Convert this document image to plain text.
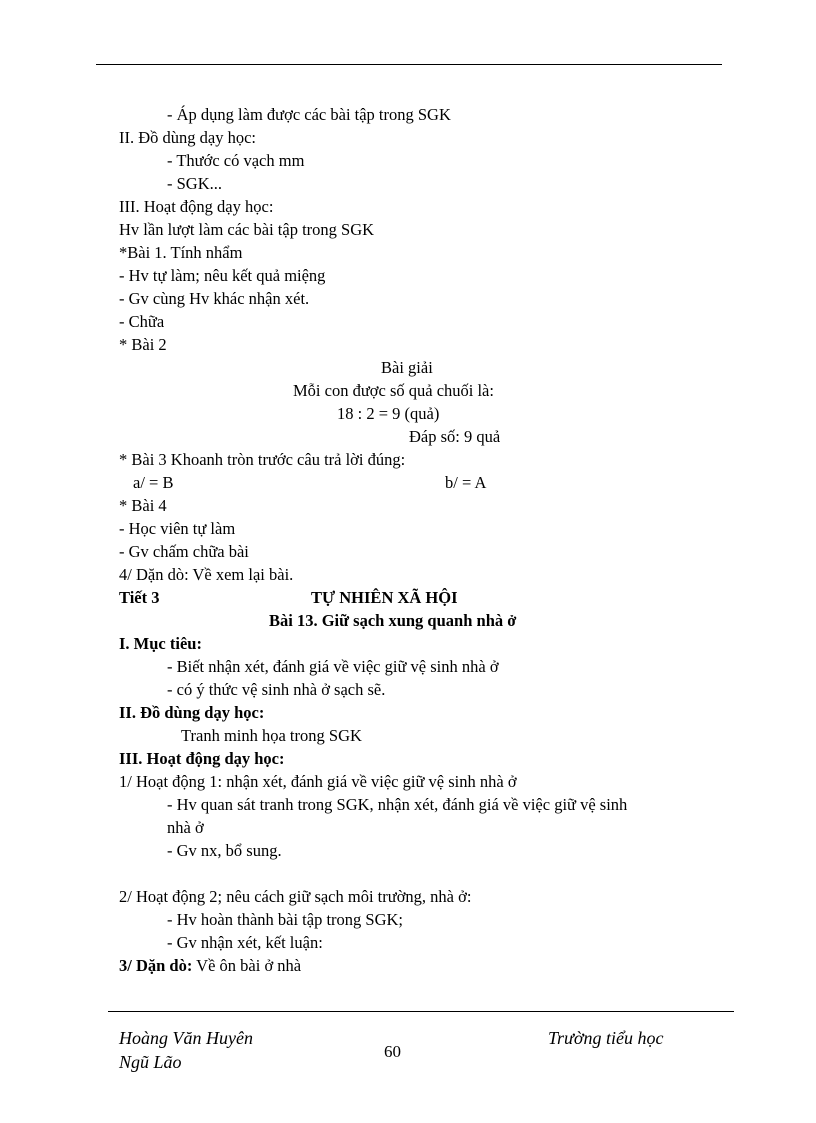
- Áp dụng làm được các bài tập trong SGK
II. Đồ dùng dạy học:
- Thước có vạch mm
- SGK...
III. Hoạt động dạy học:
Hv lần lượt làm các bài tập trong SGK
*Bài 1. Tính nhẩm
- Hv tự làm; nêu kết quả miệng
- Gv cùng Hv khác nhận xét.
- Chữa
* Bài 2
Bài giải
Mỗi con được số quả chuối là:
18 : 2 = 9 (quả)
Đáp số: 9 quả
* Bài 3 Khoanh tròn trước câu trả lời đúng:
a/ = B	b/ = A
* Bài 4
- Học viên tự làm
- Gv chấm chữa bài
4/ Dặn dò: Về xem lại bài.
Tiết 3	TỰ NHIÊN XÃ HỘI
Bài 13. Giữ sạch xung quanh nhà ở
I. Mục tiêu:
- Biết nhận xét, đánh giá về việc giữ vệ sinh nhà ở
- có ý thức vệ sinh nhà ở sạch sẽ.
II. Đồ dùng dạy học:
Tranh minh họa trong SGK
III. Hoạt động dạy học:
1/ Hoạt động 1: nhận xét, đánh giá về việc giữ vệ sinh nhà ở
- Hv quan sát tranh trong SGK, nhận xét, đánh giá về việc giữ vệ sinh
nhà ở
- Gv nx, bổ sung.
2/ Hoạt động 2; nêu cách giữ sạch môi trường, nhà ở:
- Hv hoàn thành bài tập trong SGK;
- Gv nhận xét, kết luận:
3/ Dặn dò: Về ôn bài ở nhà
Hoàng Văn Huyên
Ngũ Lão
60
Trường tiểu học
